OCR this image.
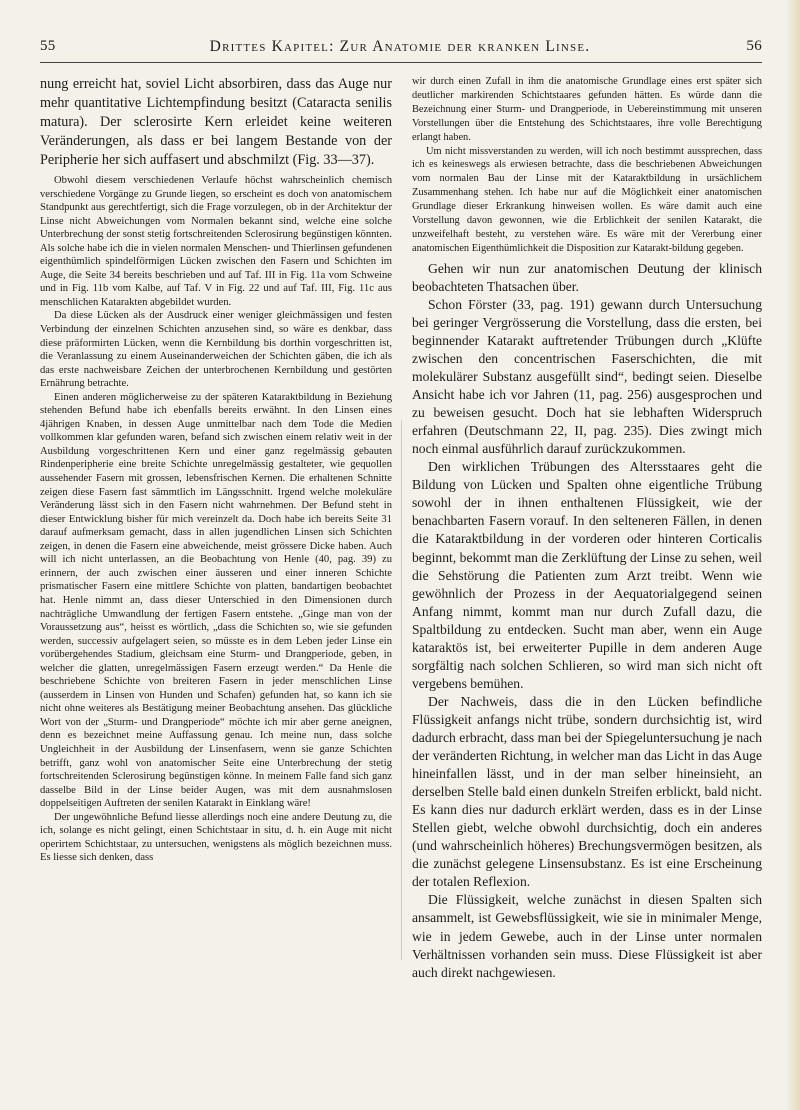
55	Drittes Kapitel: Zur Anatomie der kranken Linse.	56

nung erreicht hat, soviel Licht absorbiren, dass das Auge nur mehr quantitative Lichtempfindung besitzt (Cataracta senilis matura). Der sclerosirte Kern erleidet keine weiteren Veränderungen, als dass er bei langem Bestande von der Peripherie her sich auffasert und abschmilzt (Fig. 33—37).

Obwohl diesem verschiedenen Verlaufe höchst wahrscheinlich chemisch verschiedene Vorgänge zu Grunde liegen, so erscheint es doch von anatomischem Standpunkt aus gerechtfertigt, sich die Frage vorzulegen, ob in der Architektur der Linse nicht Abweichungen vom Normalen bekannt sind, welche eine solche Unterbrechung der sonst stetig fortschreitenden Sclerosirung begünstigen könnten. Als solche habe ich die in vielen normalen Menschen- und Thierlinsen gefundenen eigenthümlich spindelförmigen Lücken zwischen den Fasern und Schichten im Auge, die Seite 34 bereits beschrieben und auf Taf. III in Fig. 11a vom Schweine und in Fig. 11b vom Kalbe, auf Taf. V in Fig. 22 und auf Taf. III, Fig. 11c aus menschlichen Katarakten abgebildet wurden.

Da diese Lücken als der Ausdruck einer weniger gleichmässigen und festen Verbindung der einzelnen Schichten anzusehen sind, so wäre es denkbar, dass diese präformirten Lücken, wenn die Kernbildung bis dorthin vorgeschritten ist, die Veranlassung zu einem Auseinanderweichen der Schichten gäben, die ich als das erste nachweisbare Zeichen der unterbrochenen Kernbildung und gestörten Ernährung betrachte.

Einen anderen möglicherweise zu der späteren Kataraktbildung in Beziehung stehenden Befund habe ich ebenfalls bereits erwähnt. In den Linsen eines 4jährigen Knaben, in dessen Auge unmittelbar nach dem Tode die Medien vollkommen klar gefunden waren, befand sich zwischen einem relativ weit in der Ausbildung vorgeschrittenen Kern und einer ganz regelmässig gebauten Rindenperipherie eine breite Schichte unregelmässig gestalteter, wie gequollen aussehender Fasern mit grossen, lebensfrischen Kernen. Die erhaltenen Schnitte zeigen diese Fasern fast sämmtlich im Längsschnitt. Irgend welche molekuläre Veränderung lässt sich in den Fasern nicht wahrnehmen. Der Befund steht in dieser Entwicklung bisher für mich vereinzelt da. Doch habe ich bereits Seite 31 darauf aufmerksam gemacht, dass in allen jugendlichen Linsen sich Schichten zeigen, in denen die Fasern eine abweichende, meist grössere Dicke haben. Auch will ich nicht unterlassen, an die Beobachtung von Henle (40, pag. 39) zu erinnern, der auch zwischen einer äusseren und einer inneren Schichte prismatischer Fasern eine mittlere Schichte von platten, bandartigen beobachtet hat. Henle nimmt an, dass dieser Unterschied in den Dimensionen durch nachträgliche Umwandlung der fertigen Fasern entstehe. „Ginge man von der Voraussetzung aus“, heisst es wörtlich, „dass die Schichten so, wie sie gefunden werden, successiv aufgelagert seien, so müsste es in dem Leben jeder Linse ein vorübergehendes Stadium, gleichsam eine Sturm- und Drangperiode, geben, in welcher die glatten, unregelmässigen Fasern erzeugt werden.“ Da Henle die beschriebene Schichte von breiteren Fasern in jeder menschlichen Linse (ausserdem in Linsen von Hunden und Schafen) gefunden hat, so kann ich sie nicht ohne weiteres als Bestätigung meiner Beobachtung ansehen. Das glückliche Wort von der „Sturm- und Drangperiode“ möchte ich mir aber gerne aneignen, denn es bezeichnet meine Auffassung genau. Ich meine nun, dass solche Ungleichheit in der Ausbildung der Linsenfasern, wenn sie ganze Schichten betrifft, ganz wohl von anatomischer Seite eine Unterbrechung der stetig fortschreitenden Sclerosirung begünstigen könne. In meinem Falle fand sich ganz dasselbe Bild in der Linse beider Augen, was mit dem ausnahmslosen doppelseitigen Auftreten der senilen Katarakt in Einklang wäre!

Der ungewöhnliche Befund liesse allerdings noch eine andere Deutung zu, die ich, solange es nicht gelingt, einen Schichtstaar in situ, d. h. ein Auge mit nicht operirtem Schichtstaar, zu untersuchen, wenigstens als möglich bezeichnen muss. Es liesse sich denken, dass

wir durch einen Zufall in ihm die anatomische Grundlage eines erst später sich deutlicher markirenden Schichtstaares gefunden hätten. Es würde dann die Bezeichnung einer Sturm- und Drangperiode, in Uebereinstimmung mit unseren Vorstellungen über die Entstehung des Schichtstaares, ihre volle Berechtigung erlangt haben.

Um nicht missverstanden zu werden, will ich noch bestimmt aussprechen, dass ich es keineswegs als erwiesen betrachte, dass die beschriebenen Abweichungen vom normalen Bau der Linse mit der Kataraktbildung in ursächlichem Zusammenhang stehen. Ich habe nur auf die Möglichkeit einer anatomischen Grundlage dieser Erkrankung hinweisen wollen. Es wäre damit auch eine Vorstellung davon gewonnen, wie die Erblichkeit der senilen Katarakt, die unzweifelhaft besteht, zu verstehen wäre. Es wäre mit der Vererbung einer anatomischen Eigenthümlichkeit die Disposition zur Katarakt-bildung gegeben.

Gehen wir nun zur anatomischen Deutung der klinisch beobachteten Thatsachen über.

Schon Förster (33, pag. 191) gewann durch Untersuchung bei geringer Vergrösserung die Vorstellung, dass die ersten, bei beginnender Katarakt auftretender Trübungen durch „Klüfte zwischen den concentrischen Faserschichten, die mit molekulärer Substanz ausgefüllt sind“, bedingt seien. Dieselbe Ansicht habe ich vor Jahren (11, pag. 256) ausgesprochen und zu beweisen gesucht. Doch hat sie lebhaften Widerspruch erfahren (Deutschmann 22, II, pag. 235). Dies zwingt mich noch einmal ausführlich darauf zurückzukommen.

Den wirklichen Trübungen des Altersstaares geht die Bildung von Lücken und Spalten ohne eigentliche Trübung sowohl der in ihnen enthaltenen Flüssigkeit, wie der benachbarten Fasern vorauf. In den selteneren Fällen, in denen die Kataraktbildung in der vorderen oder hinteren Corticalis beginnt, bekommt man die Zerklüftung der Linse zu sehen, weil die Sehstörung die Patienten zum Arzt treibt. Wenn wie gewöhnlich der Prozess in der Aequatorialgegend seinen Anfang nimmt, kommt man nur durch Zufall dazu, die Spaltbildung zu entdecken. Sucht man aber, wenn ein Auge kataraktös ist, bei erweiterter Pupille in dem anderen Auge sorgfältig nach solchen Schlieren, so wird man sich nicht oft vergebens bemühen.

Der Nachweis, dass die in den Lücken befindliche Flüssigkeit anfangs nicht trübe, sondern durchsichtig ist, wird dadurch erbracht, dass man bei der Spiegeluntersuchung je nach der veränderten Richtung, in welcher man das Licht in das Auge hineinfallen lässt, und in der man selber hineinsieht, an derselben Stelle bald einen dunkeln Streifen erblickt, bald nicht. Es kann dies nur dadurch erklärt werden, dass es in der Linse Stellen giebt, welche obwohl durchsichtig, doch ein anderes (und wahrscheinlich höheres) Brechungsvermögen besitzen, als die zunächst gelegene Linsensubstanz. Es ist eine Erscheinung der totalen Reflexion.

Die Flüssigkeit, welche zunächst in diesen Spalten sich ansammelt, ist Gewebsflüssigkeit, wie sie in minimaler Menge, wie in jedem Gewebe, auch in der Linse unter normalen Verhältnissen vorhanden sein muss. Diese Flüssigkeit ist aber auch direkt nachgewiesen.
